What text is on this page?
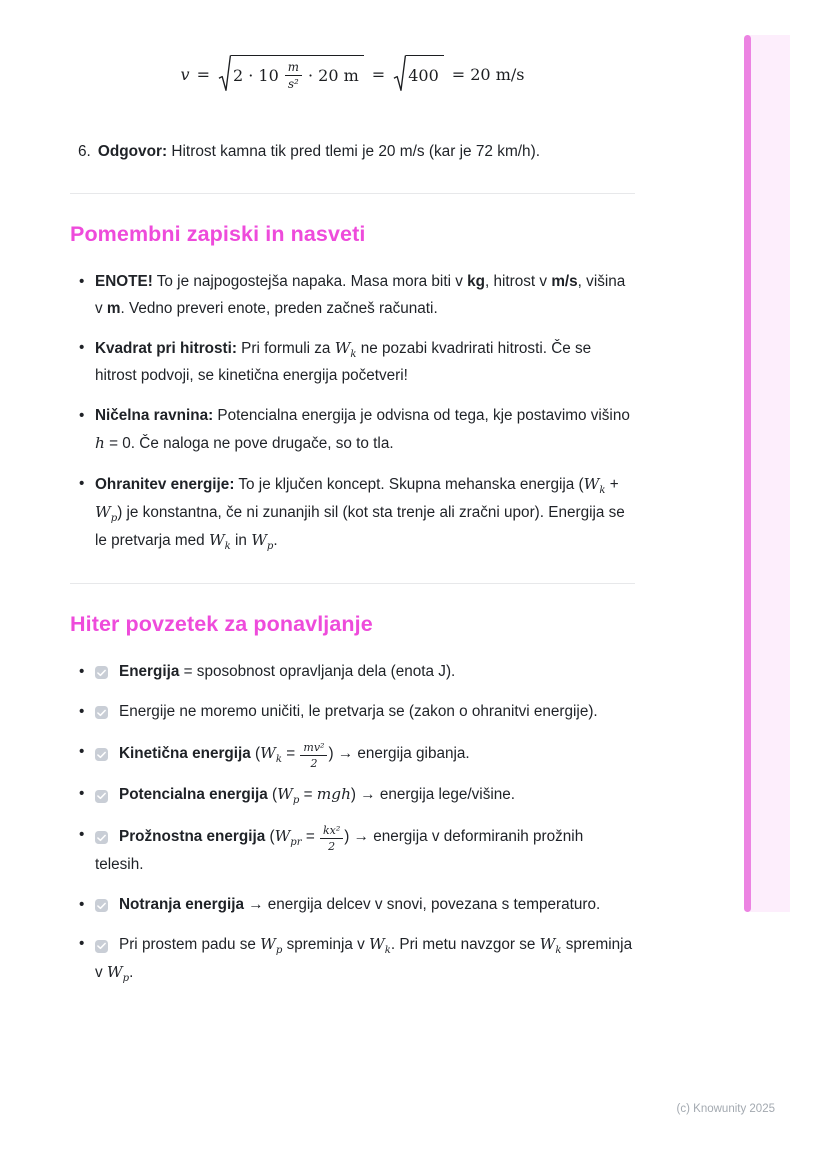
$v = 2 \cdot 10 \frac{m}{\text{s²}} \cdot 20$ m = 400 = 20 m/s
6. Odgovor: Hitrost kamna tik pred tlemi je 20 m/s (kar je 72 km/h).
Pomembni zapiski in nasveti
• ENOTE! To je najpogostejša napaka. Masa mora biti v kg, hitrost v m/s, višina v m. Vedno preveri enote, preden začneš računati.
• Kvadrat pri hitrosti: Pri formuli za $W_k$ ne pozabi kvadrirati hitrosti. Če se hitrost podvoji, se kinetična energija početveri!
• Ničelna ravnina: Potencialna energija je odvisna od tega, kje postavimo višino h = 0. Če naloga ne pove drugače, so to tla.
• Ohranitev energije: To je ključen koncept. Skupna mehanska energija $(W_k + W_p)$ je konstantna, če ni zunanjih sil (kot sta trenje ali zračni upor). Energija se le pretvarja med $W_k$ in $W_p$.
Hiter povzetek za ponavljanje
•	Energija = sposobnost opravljanja dela (enota J).
•	Energije ne moremo uničiti, le pretvarja se (zakon o ohranitvi energije).
•	Kinetična energija ($W_k = \frac{\text{mv²}}{2}$ ) → energija gibanja.
•	Potencialna energija $(W_p = mgh)$ → energija lege/višine.
•	Prožnostna energija ($W_{pr} = \frac{\text{kx²}}{2}$ ) → energija v deformiranih prožnih telesih.
•	Notranja energija → energija delcev v snovi, povezana s temperaturo.
•	Pri prostem padu se $W_p$ spreminja v $W_k$. Pri metu navzgor se $W_k$ spreminja v $W_p$.
(c) Knowunity 2025
